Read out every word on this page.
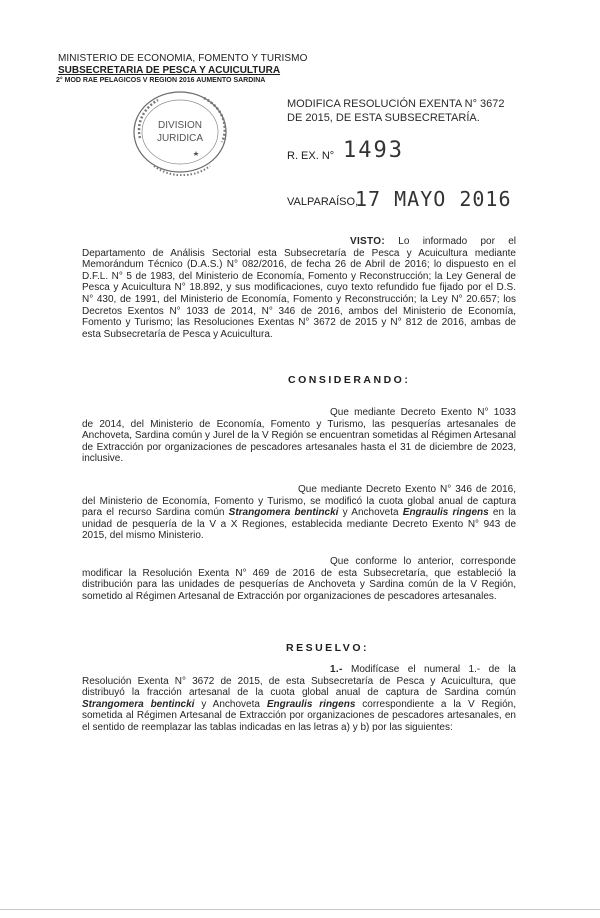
MINISTERIO DE ECONOMIA, FOMENTO Y TURISMO
SUBSECRETARIA DE PESCA Y ACUICULTURA
2° MOD RAE PELAGICOS V REGION 2016 AUMENTO SARDINA
DIVISION
JURIDICA
MODIFICA RESOLUCIÓN EXENTA N° 3672
DE 2015, DE ESTA SUBSECRETARÍA.
R. EX. N° 1493
VALPARAÍSO,
17 MAYO 2016
VISTO: Lo informado por el Departamento de Análisis Sectorial esta Subsecretaría de Pesca y Acuicultura mediante Memorándum Técnico (D.A.S.) N° 082/2016, de fecha 26 de Abril de 2016; lo dispuesto en el D.F.L. N° 5 de 1983, del Ministerio de Economía, Fomento y Reconstrucción; la Ley General de Pesca y Acuicultura N° 18.892, y sus modificaciones, cuyo texto refundido fue fijado por el D.S. N° 430, de 1991, del Ministerio de Economía, Fomento y Reconstrucción; la Ley N° 20.657; los Decretos Exentos N° 1033 de 2014, N° 346 de 2016, ambos del Ministerio de Economía, Fomento y Turismo; las Resoluciones Exentas N° 3672 de 2015 y N° 812 de 2016, ambas de esta Subsecretaría de Pesca y Acuicultura.
CONSIDERANDO:
Que mediante Decreto Exento N° 1033 de 2014, del Ministerio de Economía, Fomento y Turismo, las pesquerías artesanales de Anchoveta, Sardina común y Jurel de la V Región se encuentran sometidas al Régimen Artesanal de Extracción por organizaciones de pescadores artesanales hasta el 31 de diciembre de 2023, inclusive.
Que mediante Decreto Exento N° 346 de 2016, del Ministerio de Economía, Fomento y Turismo, se modificó la cuota global anual de captura para el recurso Sardina común Strangomera bentincki y Anchoveta Engraulis ringens en la unidad de pesquería de la V a X Regiones, establecida mediante Decreto Exento N° 943 de 2015, del mismo Ministerio.
Que conforme lo anterior, corresponde modificar la Resolución Exenta N° 469 de 2016 de esta Subsecretaría, que estableció la distribución para las unidades de pesquerías de Anchoveta y Sardina común de la V Región, sometido al Régimen Artesanal de Extracción por organizaciones de pescadores artesanales.
RESUELVO:
1.- Modifícase el numeral 1.- de la Resolución Exenta N° 3672 de 2015, de esta Subsecretaría de Pesca y Acuicultura, que distribuyó la fracción artesanal de la cuota global anual de captura de Sardina común Strangomera bentincki y Anchoveta Engraulis ringens correspondiente a la V Región, sometida al Régimen Artesanal de Extracción por organizaciones de pescadores artesanales, en el sentido de reemplazar las tablas indicadas en las letras a) y b) por las siguientes:
